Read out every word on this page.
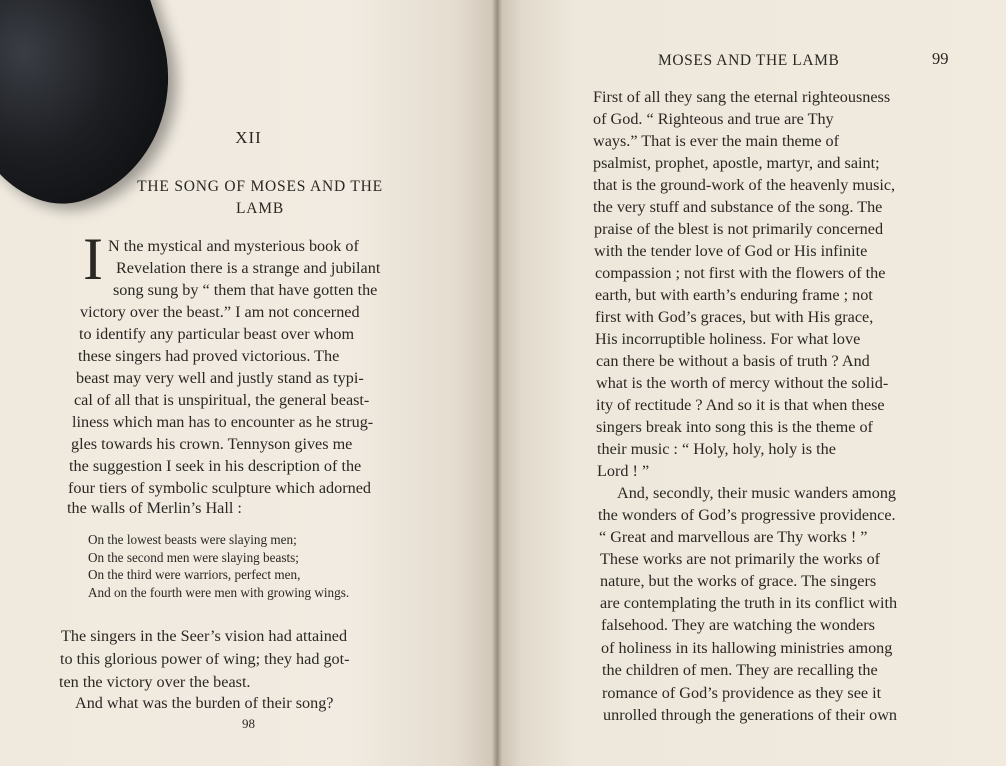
XII
THE SONG OF MOSES AND THE
LAMB
I N the mystical and mysterious book of
Revelation there is a strange and jubilant
song sung by “ them that have gotten the
victory over the beast.” I am not concerned
to identify any particular beast over whom
these singers had proved victorious. The
beast may very well and justly stand as typi-
cal of all that is unspiritual, the general beast-
liness which man has to encounter as he strug-
gles towards his crown. Tennyson gives me
the suggestion I seek in his description of the
four tiers of symbolic sculpture which adorned
the walls of Merlin’s Hall :
On the lowest beasts were slaying men;
On the second men were slaying beasts;
On the third were warriors, perfect men,
And on the fourth were men with growing wings.
The singers in the Seer’s vision had attained
to this glorious power of wing; they had got-
ten the victory over the beast.
And what was the burden of their song?
98
MOSES AND THE LAMB	99
First of all they sang the eternal righteousness
of God. “ Righteous and true are Thy
ways.” That is ever the main theme of
psalmist, prophet, apostle, martyr, and saint;
that is the ground-work of the heavenly music,
the very stuff and substance of the song. The
praise of the blest is not primarily concerned
with the tender love of God or His infinite
compassion ; not first with the flowers of the
earth, but with earth’s enduring frame ; not
first with God’s graces, but with His grace,
His incorruptible holiness. For what love
can there be without a basis of truth ? And
what is the worth of mercy without the solid-
ity of rectitude ? And so it is that when these
singers break into song this is the theme of
their music : “ Holy, holy, holy is the
Lord ! ”
And, secondly, their music wanders among
the wonders of God’s progressive providence.
“ Great and marvellous are Thy works ! ”
These works are not primarily the works of
nature, but the works of grace. The singers
are contemplating the truth in its conflict with
falsehood. They are watching the wonders
of holiness in its hallowing ministries among
the children of men. They are recalling the
romance of God’s providence as they see it
unrolled through the generations of their own
